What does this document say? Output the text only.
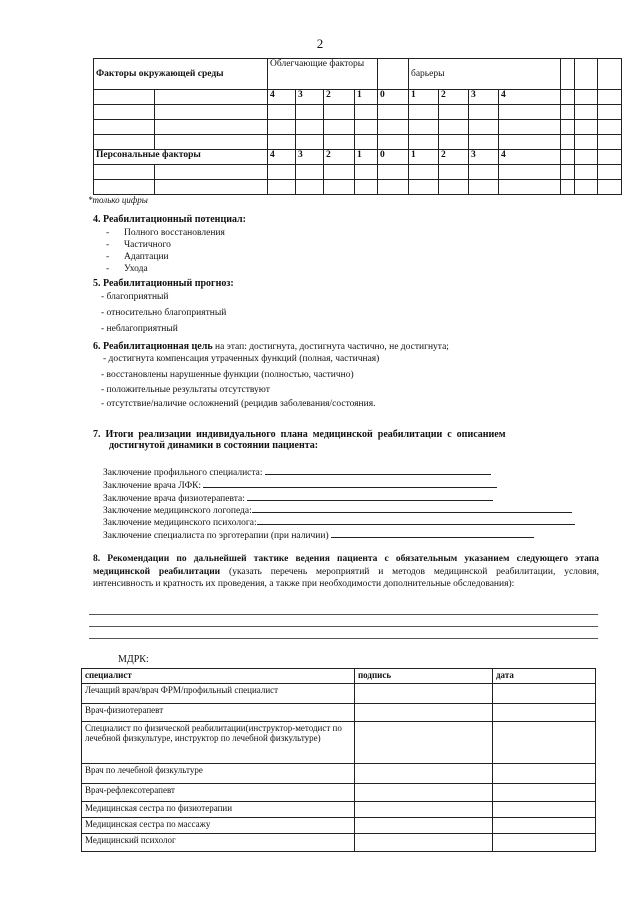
2
Факторы окружающей среды		Облегчающие факторы					барьеры						
		4	3	2	1	0	1	2	3	4			

Персональные факторы		4	3	2	1	0	1	2	3	4			

*только цифры
4. Реабилитационный потенциал:
- Полного восстановления
- Частичного
- Адаптации
- Ухода
5. Реабилитационный прогноз:
- благоприятный
- относительно благоприятный
- неблагоприятный
6. Реабилитационная цель на этап: достигнута, достигнута частично, не достигнута;
- достигнута компенсация утраченных функций (полная, частичная)
- восстановлены нарушенные функции (полностью, частично)
- положительные результаты отсутствуют
- отсутствие/наличие осложнений (рецидив заболевания/состояния.
7.  Итоги  реализации  индивидуального  плана  медицинской  реабилитации  с  описанием
достигнутой динамики в состоянии пациента:
Заключение профильного специалиста:
Заключение врача ЛФК:
Заключение врача физиотерапевта:
Заключение медицинского логопеда:
Заключение медицинского психолога:
Заключение специалиста по эрготерапии (при наличии)
8. Рекомендации по дальнейшей тактике ведения пациента с обязательным указанием следующего этапа медицинской реабилитации (указать перечень мероприятий и методов медицинской реабилитации, условия, интенсивность и кратность их проведения, а также при необходимости дополнительные обследования):
МДРК:
специалист	подпись	дата
Лечащий врач/врач ФРМ/профильный специалист		
Врач-физиотерапевт		
Специалист по физической реабилитации(инструктор-методист по лечебной физкультуре, инструктор по лечебной физкультуре)		
Врач по лечебной физкультуре		
Врач-рефлексотерапевт		
Медицинская сестра по физиотерапии		
Медицинская сестра по массажу		
Медицинский психолог		
